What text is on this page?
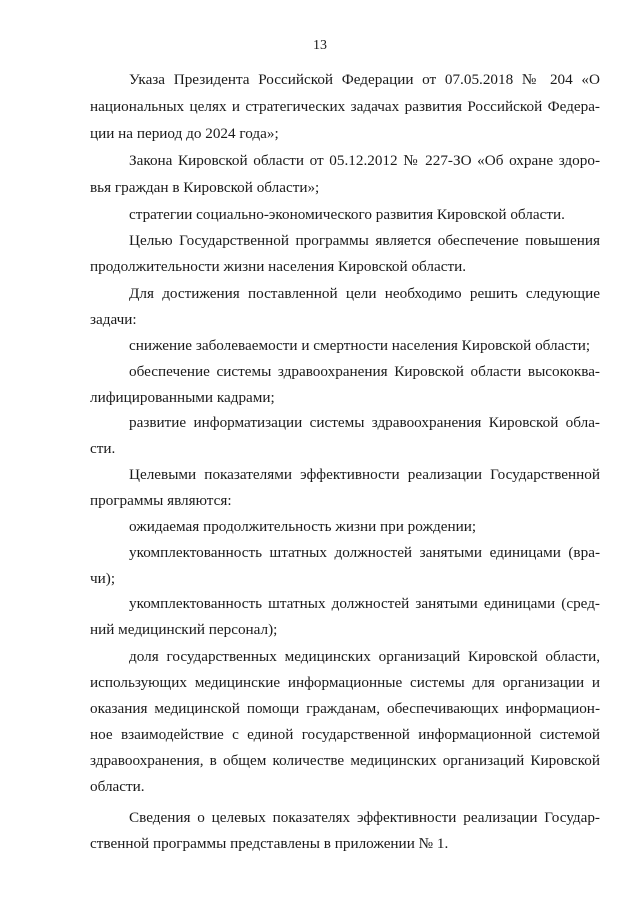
13
Указа Президента Российской Федерации от 07.05.2018 № 204 «О
национальных целях и стратегических задачах развития Российской Федера-
ции на период до 2024 года»;
Закона Кировской области от 05.12.2012 № 227-ЗО «Об охране здоро-
вья граждан в Кировской области»;
стратегии социально-экономического развития Кировской области.
Целью Государственной программы является обеспечение повышения
продолжительности жизни населения Кировской области.
Для достижения поставленной цели необходимо решить следующие
задачи:
снижение заболеваемости и смертности населения Кировской области;
обеспечение системы здравоохранения Кировской области высококва-
лифицированными кадрами;
развитие информатизации системы здравоохранения Кировской обла-
сти.
Целевыми показателями эффективности реализации Государственной
программы являются:
ожидаемая продолжительность жизни при рождении;
укомплектованность штатных должностей занятыми единицами (вра-
чи);
укомплектованность штатных должностей занятыми единицами (сред-
ний медицинский персонал);
доля государственных медицинских организаций Кировской области,
использующих медицинские информационные системы для организации и
оказания медицинской помощи гражданам, обеспечивающих информацион-
ное взаимодействие с единой государственной информационной системой
здравоохранения, в общем количестве медицинских организаций Кировской
области.
Сведения о целевых показателях эффективности реализации Государ-
ственной программы представлены в приложении № 1.
